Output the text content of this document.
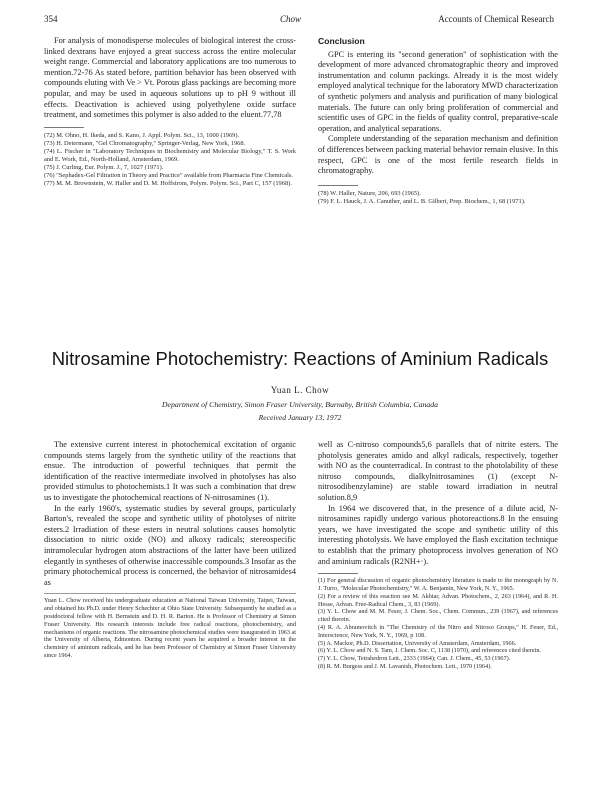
354	Chow	Accounts of Chemical Research

For analysis of monodisperse molecules of biological interest the cross-linked dextrans have enjoyed a great success across the entire molecular weight range. Commercial and laboratory applications are too numerous to mention.72-76 As stated before, partition behavior has been observed with compounds eluting with Ve > Vt. Porous glass packings are becoming more popular, and may be used in aqueous solutions up to pH 9 without ill effects. Deactivation is achieved using polyethylene oxide surface treatment, and sometimes this polymer is also added to the eluent.77,78

(72) M. Ohno, H. Ikeda, and S. Kano, J. Appl. Polym. Sci., 13, 1000 (1969).
(73) H. Determann, "Gel Chromatography," Springer-Verlag, New York, 1968.
(74) L. Fischer in "Laboratory Techniques in Biochemistry and Molecular Biology," T. S. Work and E. Work, Ed., North-Holland, Amsterdam, 1969.
(75) J. Curling, Eur. Polym. J., 7, 1027 (1971).
(76) "Sephadex-Gel Filtration in Theory and Practice" available from Pharmacia Fine Chemicals.
(77) M. M. Brownstein, W. Haller and D. M. Hoffstrom, Polym. Polym. Sci., Part C, 157 (1968).
Conclusion

GPC is entering its "second generation" of sophistication with the development of more advanced chromatographic theory and improved instrumentation and column packings. Already it is the most widely employed analytical technique for the laboratory MWD characterization of synthetic polymers and analysis and purification of many biological materials. The future can only bring proliferation of commercial and scientific uses of GPC in the fields of quality control, preparative-scale operation, and analytical separations.

Complete understanding of the separation mechanism and definition of differences between packing material behavior remain elusive. In this respect, GPC is one of the most fertile research fields in chromatography.

(78) W. Haller, Nature, 206, 693 (1965).
(79) F. L. Hauck, J. A. Canuther, and L. B. Gilbert, Prep. Biochem., 1, 68 (1971).
Nitrosamine Photochemistry: Reactions of Aminium Radicals
Yuan L. Chow
Department of Chemistry, Simon Fraser University, Burnaby, British Columbia, Canada
Received January 13, 1972

The extensive current interest in photochemical excitation of organic compounds stems largely from the synthetic utility of the reactions that ensue. The introduction of powerful techniques that permit the identification of the reactive intermediate involved in photolyses has also provided stimulus to photochemists.1 It was such a combination that drew us to investigate the photochemical reactions of N-nitrosamines (1).

In the early 1960's, systematic studies by several groups, particularly Barton's, revealed the scope and synthetic utility of photolyses of nitrite esters.2 Irradiation of these esters in neutral solutions causes homolytic dissociation to nitric oxide (NO) and alkoxy radicals; stereospecific intramolecular hydrogen atom abstractions of the latter have been utilized elegantly in syntheses of otherwise inaccessible compounds.3 Insofar as the primary photochemical process is concerned, the behavior of nitrosamides4 as

Yuan L. Chow received his undergraduate education at National Taiwan University, Taipei, Taiwan, and obtained his Ph.D. under Henry Schechter at Ohio State University. Subsequently he studied as a postdoctoral fellow with H. Bernstein and D. H. R. Barton. He is Professor of Chemistry at Simon Fraser University. His research interests include free radical reactions, photochemistry, and mechanisms of organic reactions. The nitrosamine photochemical studies were inaugurated in 1963 at the University of Alberta, Edmonton. During recent years he acquired a broader interest in the chemistry of aminium radicals, and he has been Professor of Chemistry at Simon Fraser University since 1964.

well as C-nitroso compounds5,6 parallels that of nitrite esters. The photolysis generates amido and alkyl radicals, respectively, together with NO as the counterradical. In contrast to the photolability of these nitroso compounds, dialkylnitrosamines (1) (except N-nitrosodibenzylamine) are stable toward irradiation in neutral solution.8,9

In 1964 we discovered that, in the presence of a dilute acid, N-nitrosamines rapidly undergo various photoreactions.8 In the ensuing years, we have investigated the scope and synthetic utility of this interesting photolysis. We have employed the flash excitation technique to establish that the primary photoprocess involves generation of NO and aminium radicals (R2NH+·).

(1) For general discussion of organic photochemistry literature is made to the monograph by N. J. Turro, "Molecular Photochemistry," W. A. Benjamin, New York, N. Y., 1965.
(2) For a review of this reaction see M. Akhtar, Advan. Photochem., 2, 263 (1964), and R. H. Hesse, Advan. Free-Radical Chem., 3, 83 (1969).
(3) Y. L. Chow and M. M. Feser, J. Chem. Soc., Chem. Commun., 239 (1967), and references cited therein.
(4) R. A. Abramovitch in "The Chemistry of the Nitro and Nitroso Groups," H. Feuer, Ed., Interscience, New York, N. Y., 1969, p 108.
(5) A. Mackor, Ph.D. Dissertation, University of Amsterdam, Amsterdam, 1966.
(6) Y. L. Chow and N. S. Tam, J. Chem. Soc. C, 1138 (1970), and references cited therein.
(7) Y. L. Chow, Tetrahedron Lett., 2333 (1964); Can. J. Chem., 45, 53 (1967).
(8) R. M. Burgess and J. M. Lavanish, Photochem. Lett., 1970 (1964).
